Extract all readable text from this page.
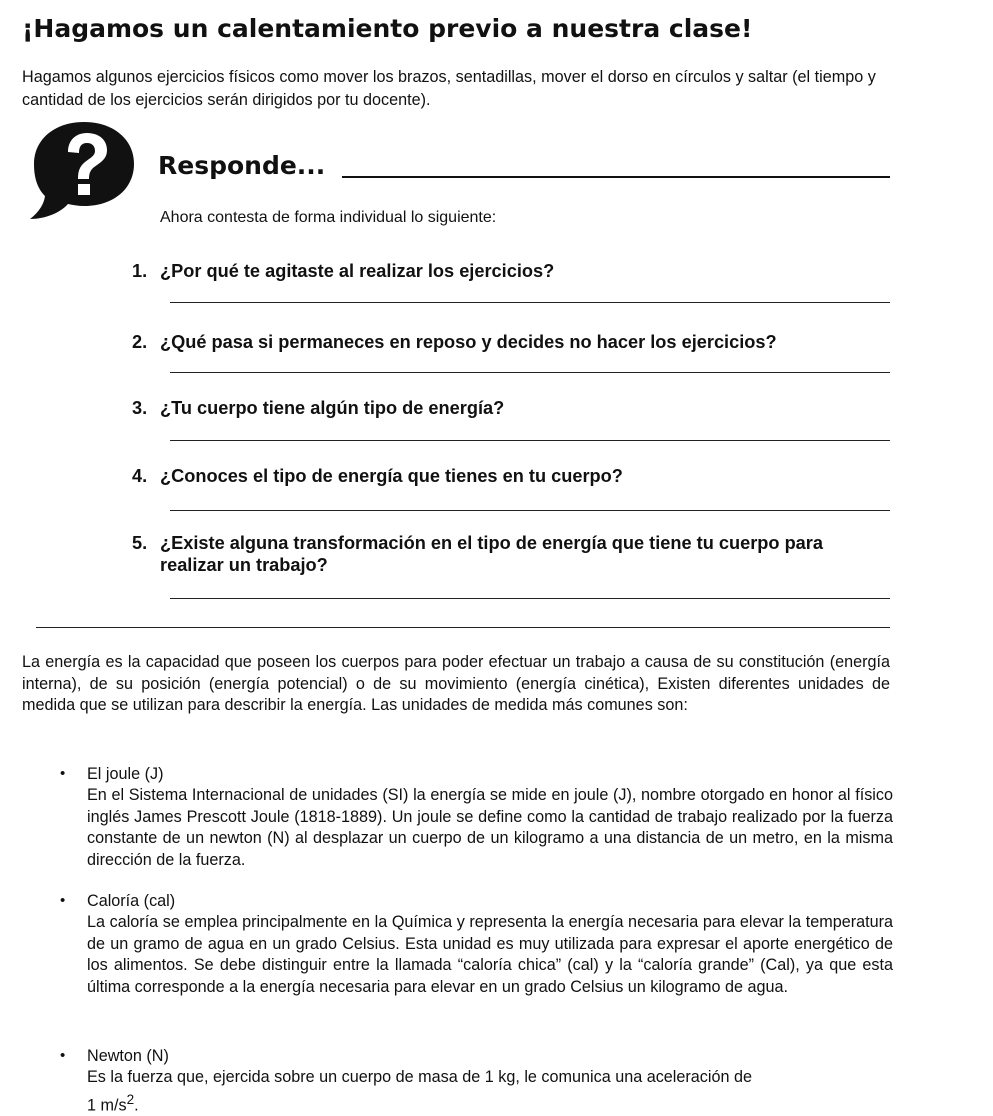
¡Hagamos un calentamiento previo a nuestra clase!

Hagamos algunos ejercicios físicos como mover los brazos, sentadillas, mover el dorso en círculos y saltar (el tiempo y cantidad de los ejercicios serán dirigidos por tu docente).

Responde...

Ahora contesta de forma individual lo siguiente:

1. ¿Por qué te agitaste al realizar los ejercicios?

2. ¿Qué pasa si permaneces en reposo y decides no hacer los ejercicios?

3. ¿Tu cuerpo tiene algún tipo de energía?

4. ¿Conoces el tipo de energía que tienes en tu cuerpo?

5. ¿Existe alguna transformación en el tipo de energía que tiene tu cuerpo para realizar un trabajo?

La energía es la capacidad que poseen los cuerpos para poder efectuar un trabajo a causa de su constitución (energía interna), de su posición (energía potencial) o de su movimiento (energía cinética), Existen diferentes unidades de medida que se utilizan para describir la energía. Las unidades de medida más comunes son:

•	El joule (J)

En el Sistema Internacional de unidades (SI) la energía se mide en joule (J), nombre otorgado en honor al físico inglés James Prescott Joule (1818-1889). Un joule se define como la cantidad de trabajo realizado por la fuerza constante de un newton (N) al desplazar un cuerpo de un kilogramo a una distancia de un metro, en la misma dirección de la fuerza.

•	Caloría (cal)

La caloría se emplea principalmente en la Química y representa la energía necesaria para elevar la temperatura de un gramo de agua en un grado Celsius. Esta unidad es muy utilizada para expresar el aporte energético de los alimentos. Se debe distinguir entre la llamada “caloría chica” (cal) y la “caloría grande” (Cal), ya que esta última corresponde a la energía necesaria para elevar en un grado Celsius un kilogramo de agua.

•	Newton (N)

Es la fuerza que, ejercida sobre un cuerpo de masa de 1 kg, le comunica una aceleración de
1 $m/s^2$.
